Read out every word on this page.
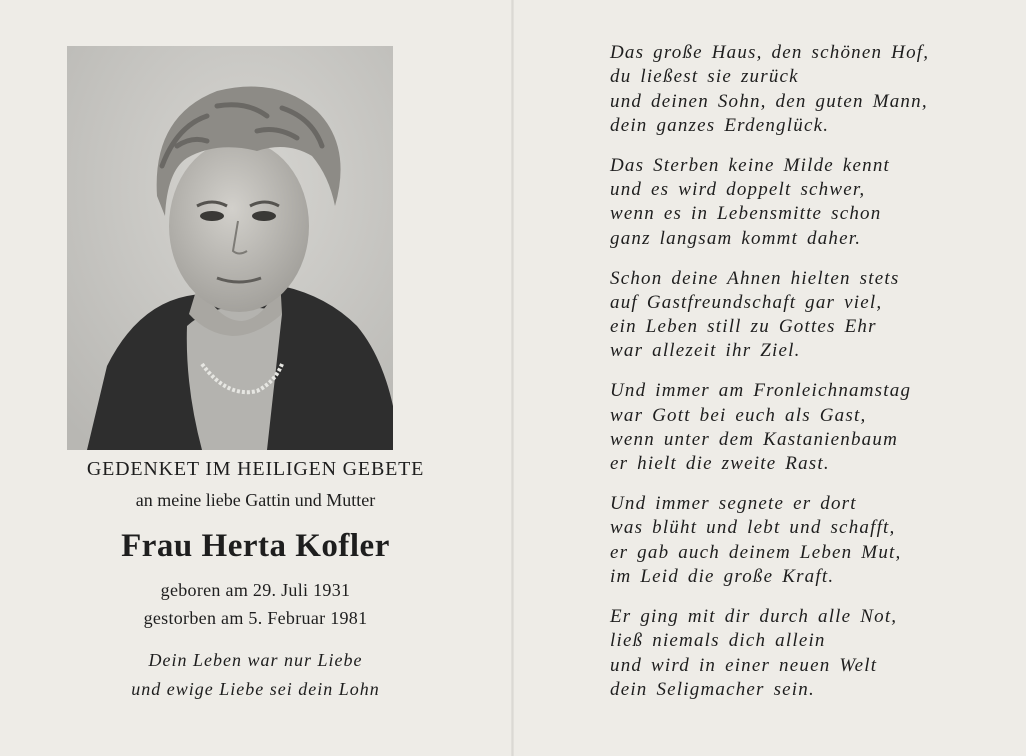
GEDENKET IM HEILIGEN GEBETE
an meine liebe Gattin und Mutter
Frau Herta Kofler
geboren am 29. Juli 1931
gestorben am 5. Februar 1981
Dein Leben war nur Liebe
und ewige Liebe sei dein Lohn
Das große Haus, den schönen Hof,
du ließest sie zurück
und deinen Sohn, den guten Mann,
dein ganzes Erdenglück.
Das Sterben keine Milde kennt
und es wird doppelt schwer,
wenn es in Lebensmitte schon
ganz langsam kommt daher.
Schon deine Ahnen hielten stets
auf Gastfreundschaft gar viel,
ein Leben still zu Gottes Ehr
war allezeit ihr Ziel.
Und immer am Fronleichnamstag
war Gott bei euch als Gast,
wenn unter dem Kastanienbaum
er hielt die zweite Rast.
Und immer segnete er dort
was blüht und lebt und schafft,
er gab auch deinem Leben Mut,
im Leid die große Kraft.
Er ging mit dir durch alle Not,
ließ niemals dich allein
und wird in einer neuen Welt
dein Seligmacher sein.
